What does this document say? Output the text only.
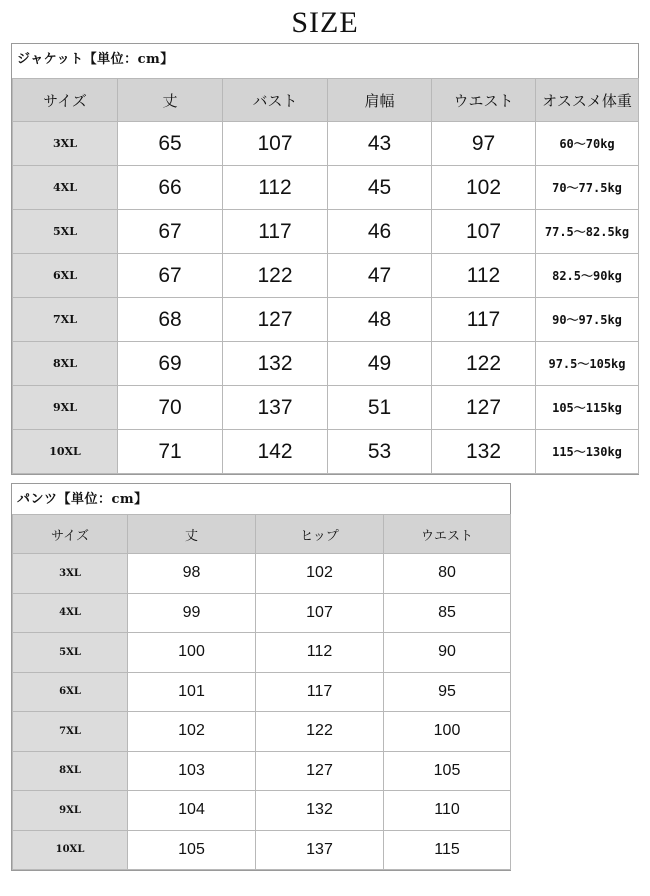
SIZE
ジャケット【単位：cm】
サイズ	丈	バスト	肩幅	ウエスト	オススメ体重
3XL	65	107	43	97	60～70kg
4XL	66	112	45	102	70～77.5kg
5XL	67	117	46	107	77.5～82.5kg
6XL	67	122	47	112	82.5～90kg
7XL	68	127	48	117	90～97.5kg
8XL	69	132	49	122	97.5～105kg
9XL	70	137	51	127	105～115kg
10XL	71	142	53	132	115～130kg
パンツ【単位：cm】
サイズ	丈	ヒップ	ウエスト
3XL	98	102	80
4XL	99	107	85
5XL	100	112	90
6XL	101	117	95
7XL	102	122	100
8XL	103	127	105
9XL	104	132	110
10XL	105	137	115
